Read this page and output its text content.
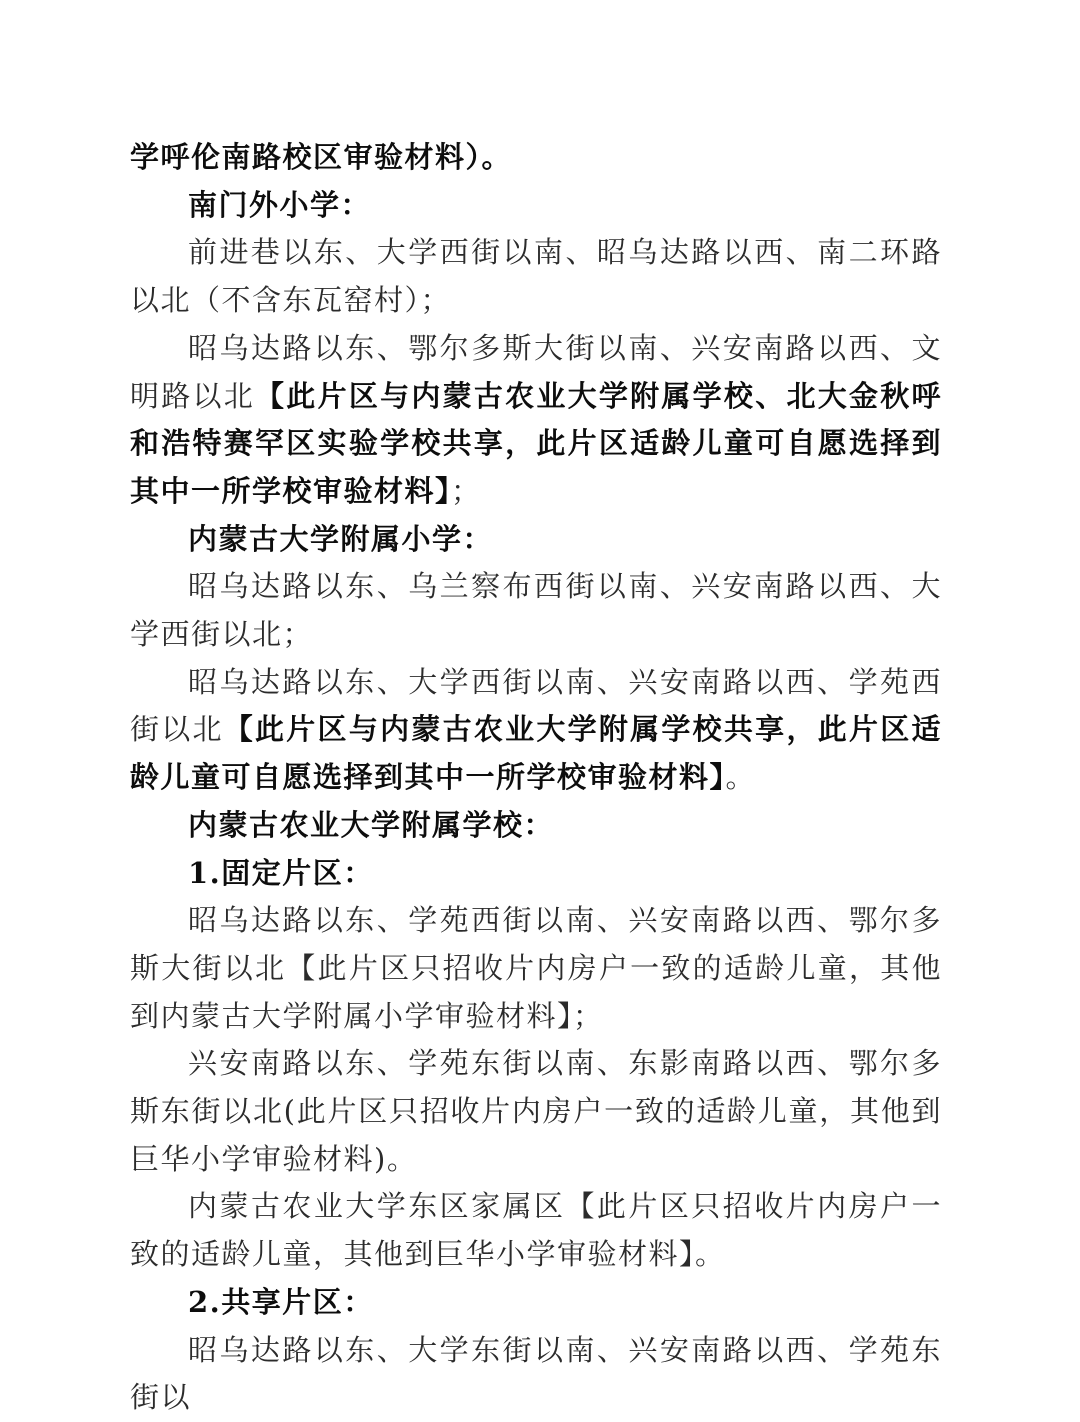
学呼伦南路校区审验材料）。

南门外小学：

前进巷以东、大学西街以南、昭乌达路以西、南二环路以北（不含东瓦窑村）；

昭乌达路以东、鄂尔多斯大街以南、兴安南路以西、文明路以北【此片区与内蒙古农业大学附属学校、北大金秋呼和浩特赛罕区实验学校共享，此片区适龄儿童可自愿选择到其中一所学校审验材料】；

内蒙古大学附属小学：

昭乌达路以东、乌兰察布西街以南、兴安南路以西、大学西街以北；

昭乌达路以东、大学西街以南、兴安南路以西、学苑西街以北【此片区与内蒙古农业大学附属学校共享，此片区适龄儿童可自愿选择到其中一所学校审验材料】。

内蒙古农业大学附属学校：

1.固定片区：

昭乌达路以东、学苑西街以南、兴安南路以西、鄂尔多斯大街以北【此片区只招收片内房户一致的适龄儿童，其他到内蒙古大学附属小学审验材料】；

兴安南路以东、学苑东街以南、东影南路以西、鄂尔多斯东街以北(此片区只招收片内房户一致的适龄儿童，其他到巨华小学审验材料)。

内蒙古农业大学东区家属区【此片区只招收片内房户一致的适龄儿童，其他到巨华小学审验材料】。

2.共享片区：

昭乌达路以东、大学东街以南、兴安南路以西、学苑东街以
